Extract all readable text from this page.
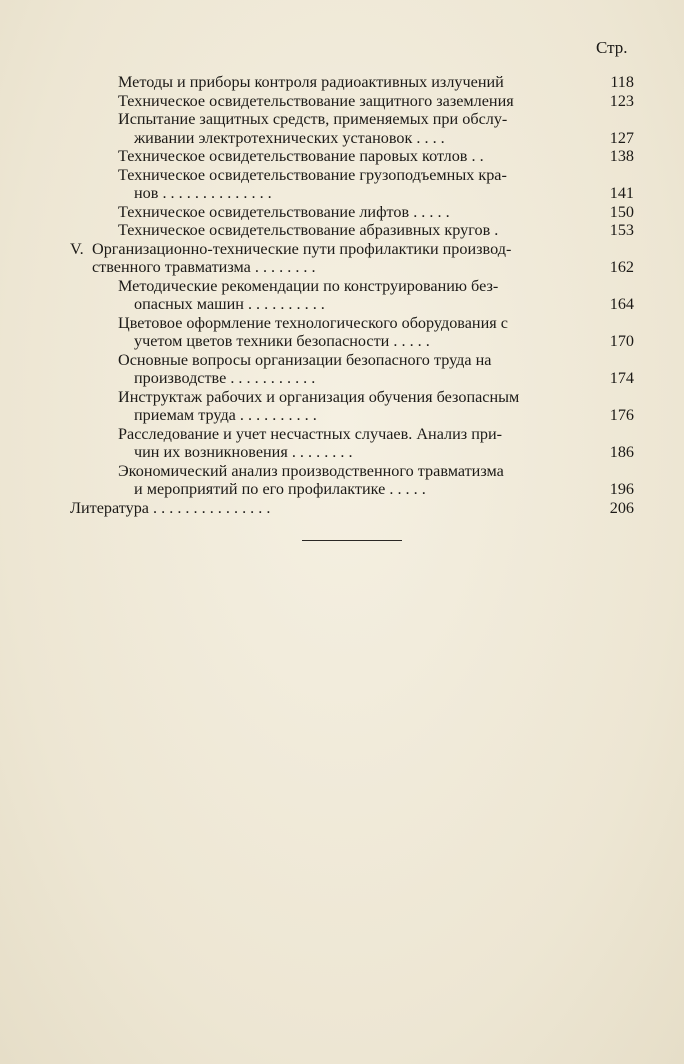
Стр.
Методы и приборы контроля радиоактивных излучений	118
Техническое освидетельствование защитного заземления	123
Испытание защитных средств, применяемых при обслу-
живании электротехнических установок . . . .	127
Техническое освидетельствование паровых котлов . .	138
Техническое освидетельствование грузоподъемных кра-
нов . . . . . . . . . . . . . .	141
Техническое освидетельствование лифтов . . . . .	150
Техническое освидетельствование абразивных кругов .	153
V. Организационно-технические пути профилактики производ-
ственного травматизма . . . . . . . .	162
Методические рекомендации по конструированию без-
опасных машин . . . . . . . . . .	164
Цветовое оформление технологического оборудования с
учетом цветов техники безопасности . . . . .	170
Основные вопросы организации безопасного труда на
производстве . . . . . . . . . . .	174
Инструктаж рабочих и организация обучения безопасным
приемам труда . . . . . . . . . .	176
Расследование и учет несчастных случаев. Анализ при-
чин их возникновения . . . . . . . .	186
Экономический анализ производственного травматизма
и мероприятий по его профилактике . . . . .	196
Литература . . . . . . . . . . . . . . .	206
